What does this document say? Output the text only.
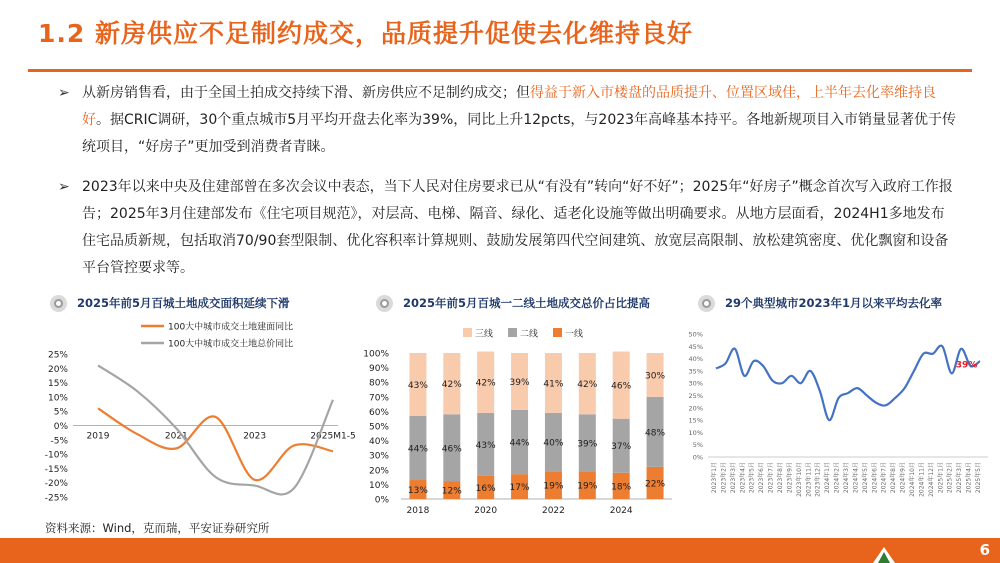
1.2 新房供应不足制约成交，品质提升促使去化维持良好
➢ 从新房销售看，由于全国土拍成交持续下滑、新房供应不足制约成交；但得益于新入市楼盘的品质提升、位置区域佳，上半年去化率维持良好。据CRIC调研，30个重点城市5月平均开盘去化率为39%，同比上升12pcts，与2023年高峰基本持平。各地新规项目入市销量显著优于传统项目，“好房子”更加受到消费者青睐。
➢ 2023年以来中央及住建部曾在多次会议中表态，当下人民对住房要求已从“有没有”转向“好不好”；2025年“好房子”概念首次写入政府工作报告；2025年3月住建部发布《住宅项目规范》，对层高、电梯、隔音、绿化、适老化设施等做出明确要求。从地方层面看，2024H1多地发布住宅品质新规，包括取消70/90套型限制、优化容积率计算规则、鼓励发展第四代空间建筑、放宽层高限制、放松建筑密度、优化飘窗和设备平台管控要求等。
2025年前5月百城土地成交面积延续下滑	2025年前5月百城一二线土地成交总价占比提高	29个典型城市2023年1月以来平均去化率
25%
20%
15%
10%
5%
0%
-5%
-10%
-15%
-20%
-25%
2019	2021	2023	2025M1-5
100大中城市成交土地建面同比
100大中城市成交土地总价同比
100%
90%
80%
70%
60%
50%
40%
30%
20%
10%
0%
三线	二线	一线
13%
44%
43%
12%
46%
42%
16%
43%
42%
17%
44%
39%
19%
40%
41%
19%
39%
42%
18%
37%
46%
22%
48%
30%
2018	2020	2022	2024
50%
45%
40%
35%
30%
25%
20%
15%
10%
5%
0%
2023年1月 2023年2月 2023年3月 2023年4月 2023年5月 2023年6月 2023年7月 2023年8月 2023年9月 2023年10月 2023年11月 2023年12月 2024年1月 2024年2月 2024年3月 2024年4月 2024年5月 2024年6月 2024年7月 2024年8月 2024年9月 2024年10月 2024年11月 2024年12月 2025年1月 2025年2月 2025年3月 2025年4月 2025年5月
39%
资料来源：Wind，克而瑞，平安证券研究所
6
